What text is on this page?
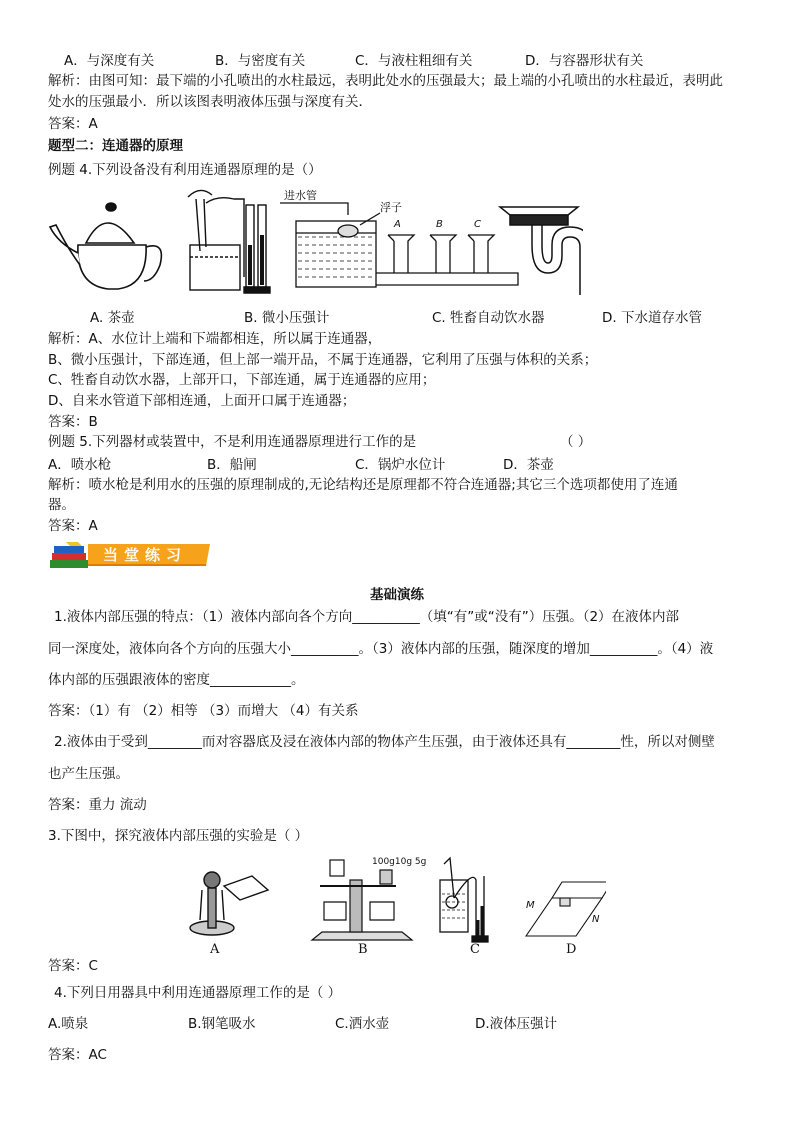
A．与深度有关	B．与密度有关	C．与液柱粗细有关	D．与容器形状有关
解析：由图可知：最下端的小孔喷出的水柱最远，表明此处水的压强最大；最上端的小孔喷出的水柱最近，表明此
处水的压强最小．所以该图表明液体压强与深度有关．
答案：A
题型二：连通器的原理
例题 4.下列设备没有利用连通器原理的是（）
进水管
浮子
A	B	C
A. 茶壶	B. 微小压强计	C. 牲畜自动饮水器	D. 下水道存水管
解析：A、水位计上端和下端都相连，所以属于连通器，
B、微小压强计，下部连通，但上部一端开品，不属于连通器，它利用了压强与体积的关系；
C、牲畜自动饮水器，上部开口，下部连通，属于连通器的应用；
D、自来水管道下部相连通，上面开口属于连通器；
答案：B
例题 5.下列器材或装置中，不是利用连通器原理进行工作的是	（ ）
A．喷水枪	B．船闸	C．锅炉水位计	D．茶壶
解析：喷水枪是利用水的压强的原理制成的,无论结构还是原理都不符合连通器;其它三个选项都使用了连通
器。
答案：A
当堂练习
基础演练
1.液体内部压强的特点：（1）液体内部向各个方向__________（填“有”或“没有”）压强。（2）在液体内部
同一深度处，液体向各个方向的压强大小__________。（3）液体内部的压强，随深度的增加__________。（4）液
体内部的压强跟液体的密度____________。
答案：（1）有 （2）相等 （3）而增大 （4）有关系
2.液体由于受到________而对容器底及浸在液体内部的物体产生压强，由于液体还具有________性，所以对侧壁
也产生压强。
答案：重力 流动
3.下图中，探究液体内部压强的实验是（ ）
100g10g 5g
M
N
A	B	C	D
答案：C
4.下列日用器具中利用连通器原理工作的是（ ）
A.喷泉	B.钢笔吸水	C.洒水壶	D.液体压强计
答案：AC
